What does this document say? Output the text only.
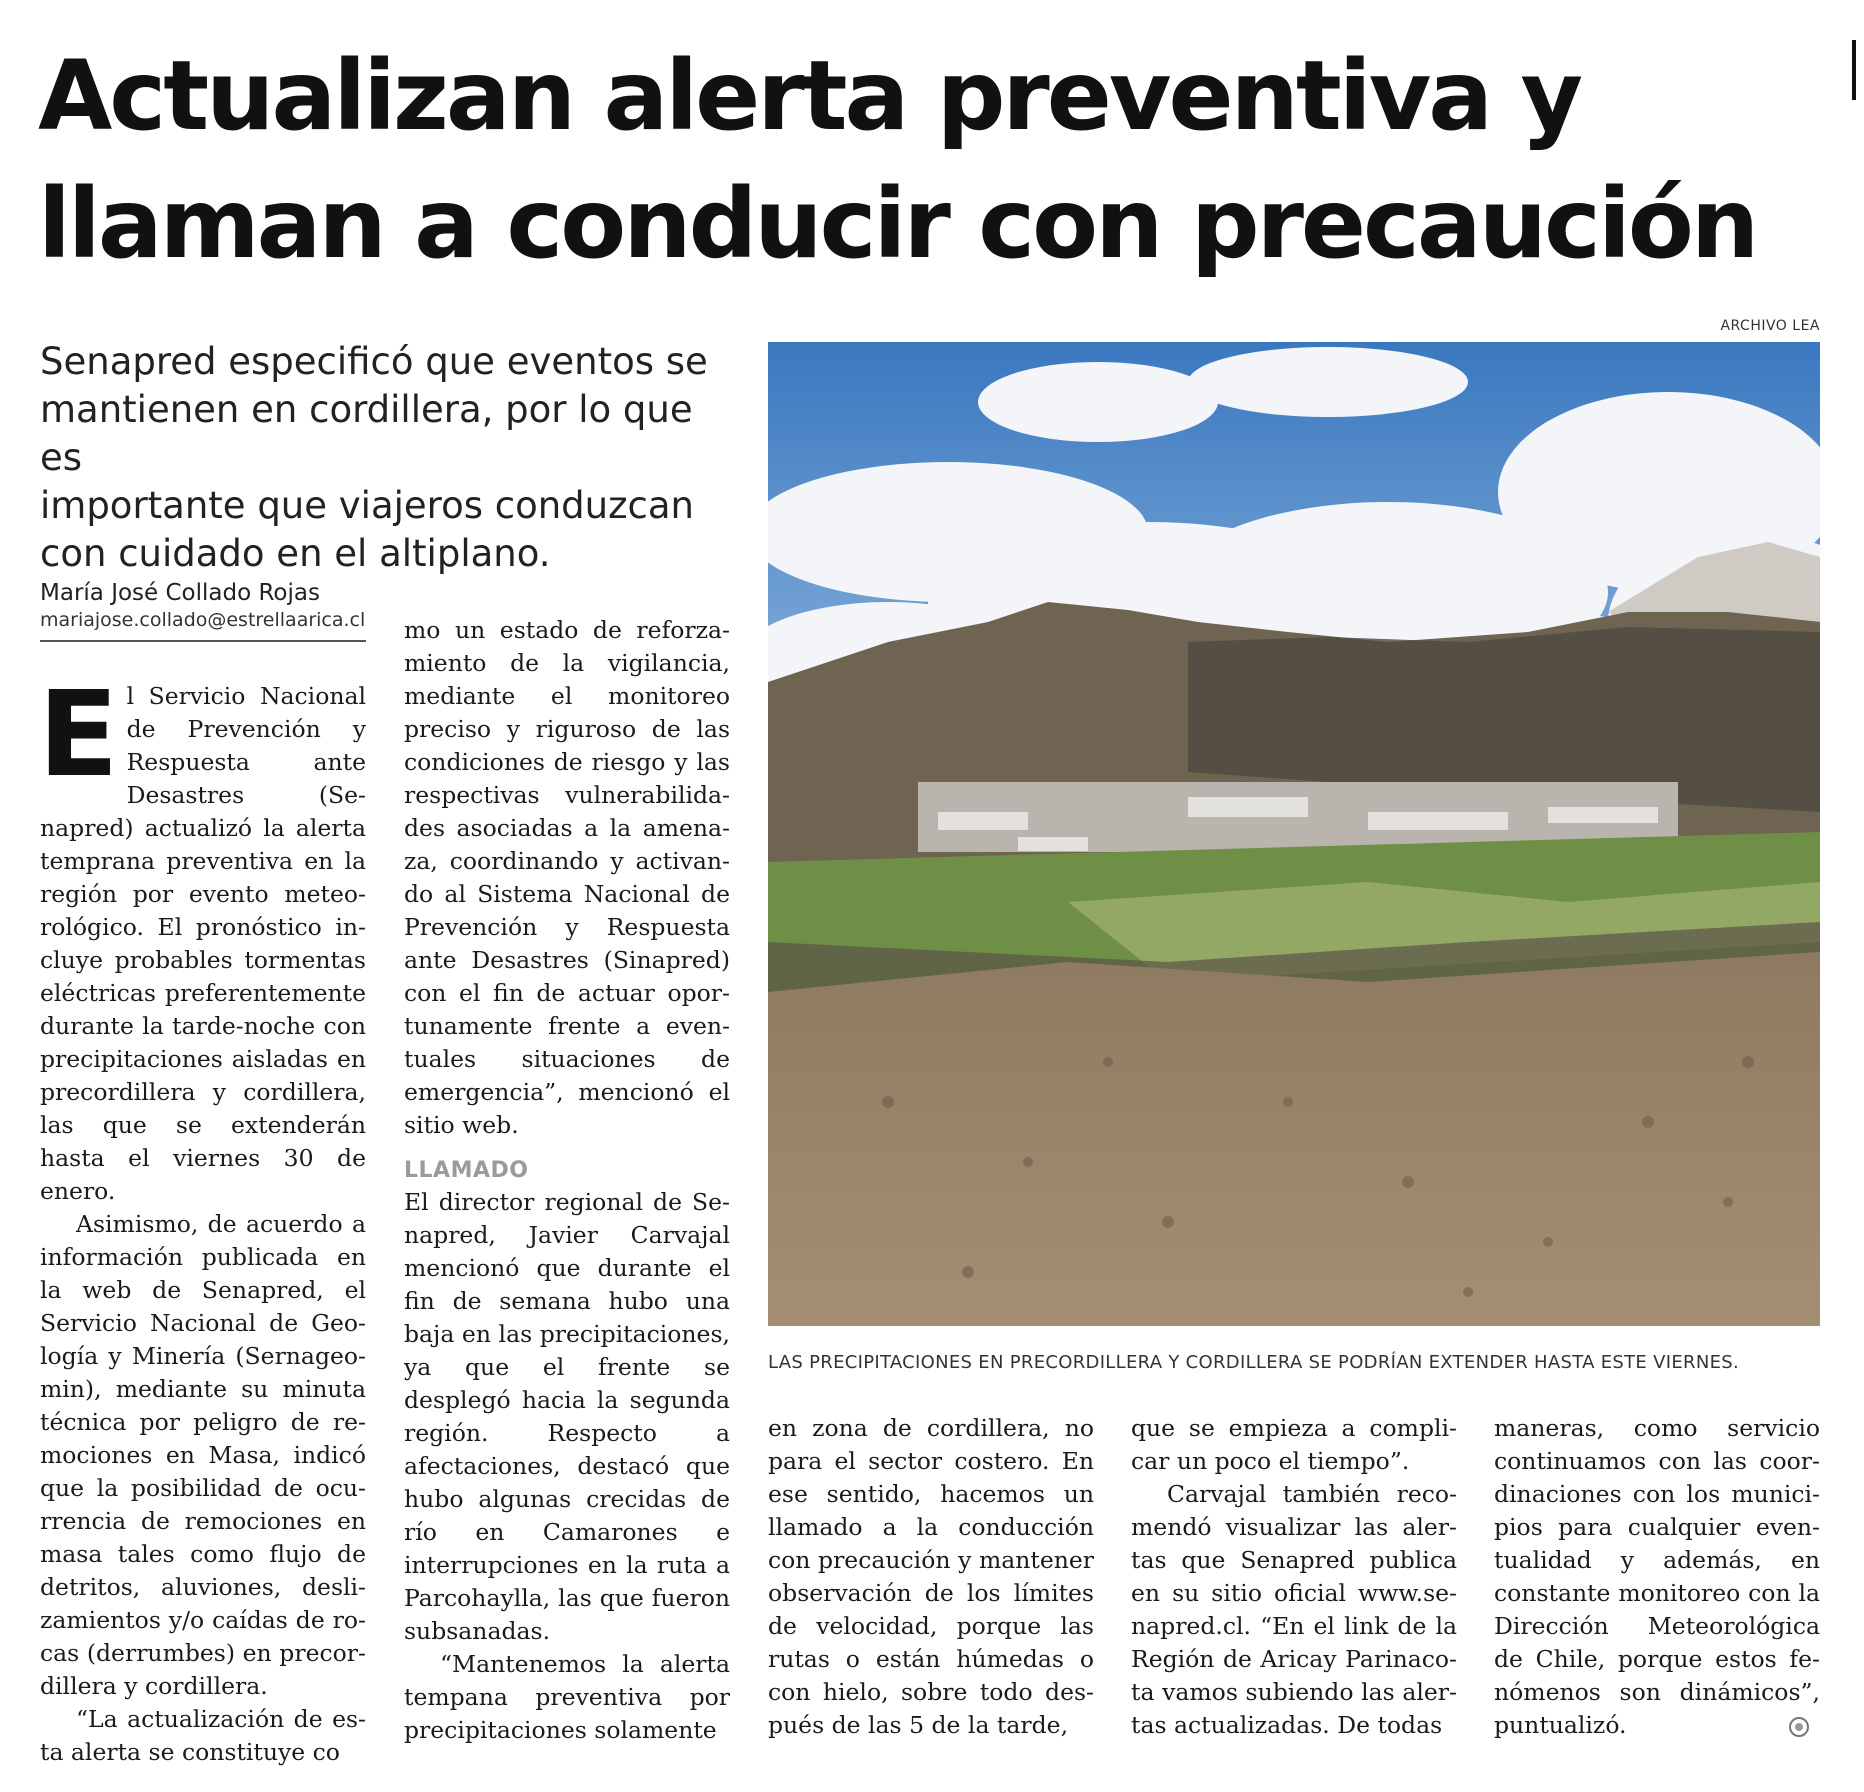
Actualizan alerta preventiva y
llaman a conducir con precaución

Senapred especificó que eventos se
mantienen en cordillera, por lo que es
importante que viajeros conduzcan
con cuidado en el altiplano.

María José Collado Rojas
mariajose.collado@estrellaarica.cl

El Servicio Nacional de Prevención y Respuesta ante Desastres (Senapred) actualizó la alerta temprana preventiva en la región por evento meteorológico. El pronóstico incluye probables tormentas eléctricas preferentemente durante la tarde-noche con precipitaciones aisladas en precordillera y cordillera, las que se extenderán hasta el viernes 30 de enero.

Asimismo, de acuerdo a información publicada en la web de Senapred, el Servicio Nacional de Geología y Minería (Sernageomin), mediante su minuta técnica por peligro de remociones en Masa, indicó que la posibilidad de ocurrencia de remociones en masa tales como flujo de detritos, aluviones, deslizamientos y/o caídas de rocas (derrumbes) en precordillera y cordillera.

“La actualización de esta alerta se constituye co

mo un estado de reforzamiento de la vigilancia, mediante el monitoreo preciso y riguroso de las condiciones de riesgo y las respectivas vulnerabilidades asociadas a la amenaza, coordinando y activando al Sistema Nacional de Prevención y Respuesta ante Desastres (Sinapred) con el fin de actuar oportunamente frente a eventuales situaciones de emergencia”, mencionó el sitio web.

LLAMADO

El director regional de Senapred, Javier Carvajal mencionó que durante el fin de semana hubo una baja en las precipitaciones, ya que el frente se desplegó hacia la segunda región. Respecto a afectaciones, destacó que hubo algunas crecidas de río en Camarones e interrupciones en la ruta a Parcohaylla, las que fueron subsanadas.

“Mantenemos la alerta tempana preventiva por precipitaciones solamente

ARCHIVO LEA
LAS PRECIPITACIONES EN PRECORDILLERA Y CORDILLERA SE PODRÍAN EXTENDER HASTA ESTE VIERNES.

en zona de cordillera, no para el sector costero. En ese sentido, hacemos un llamado a la conducción con precaución y mantener observación de los límites de velocidad, porque las rutas o están húmedas o con hielo, sobre todo después de las 5 de la tarde,

que se empieza a complicar un poco el tiempo”.

Carvajal también recomendó visualizar las alertas que Senapred publica en su sitio oficial www.senapred.cl. “En el link de la Región de Aricay Parinacota vamos subiendo las alertas actualizadas. De todas

maneras, como servicio continuamos con las coordinaciones con los municipios para cualquier eventualidad y además, en constante monitoreo con la Dirección Meteorológica de Chile, porque estos fenómenos son dinámicos”, puntualizó.
